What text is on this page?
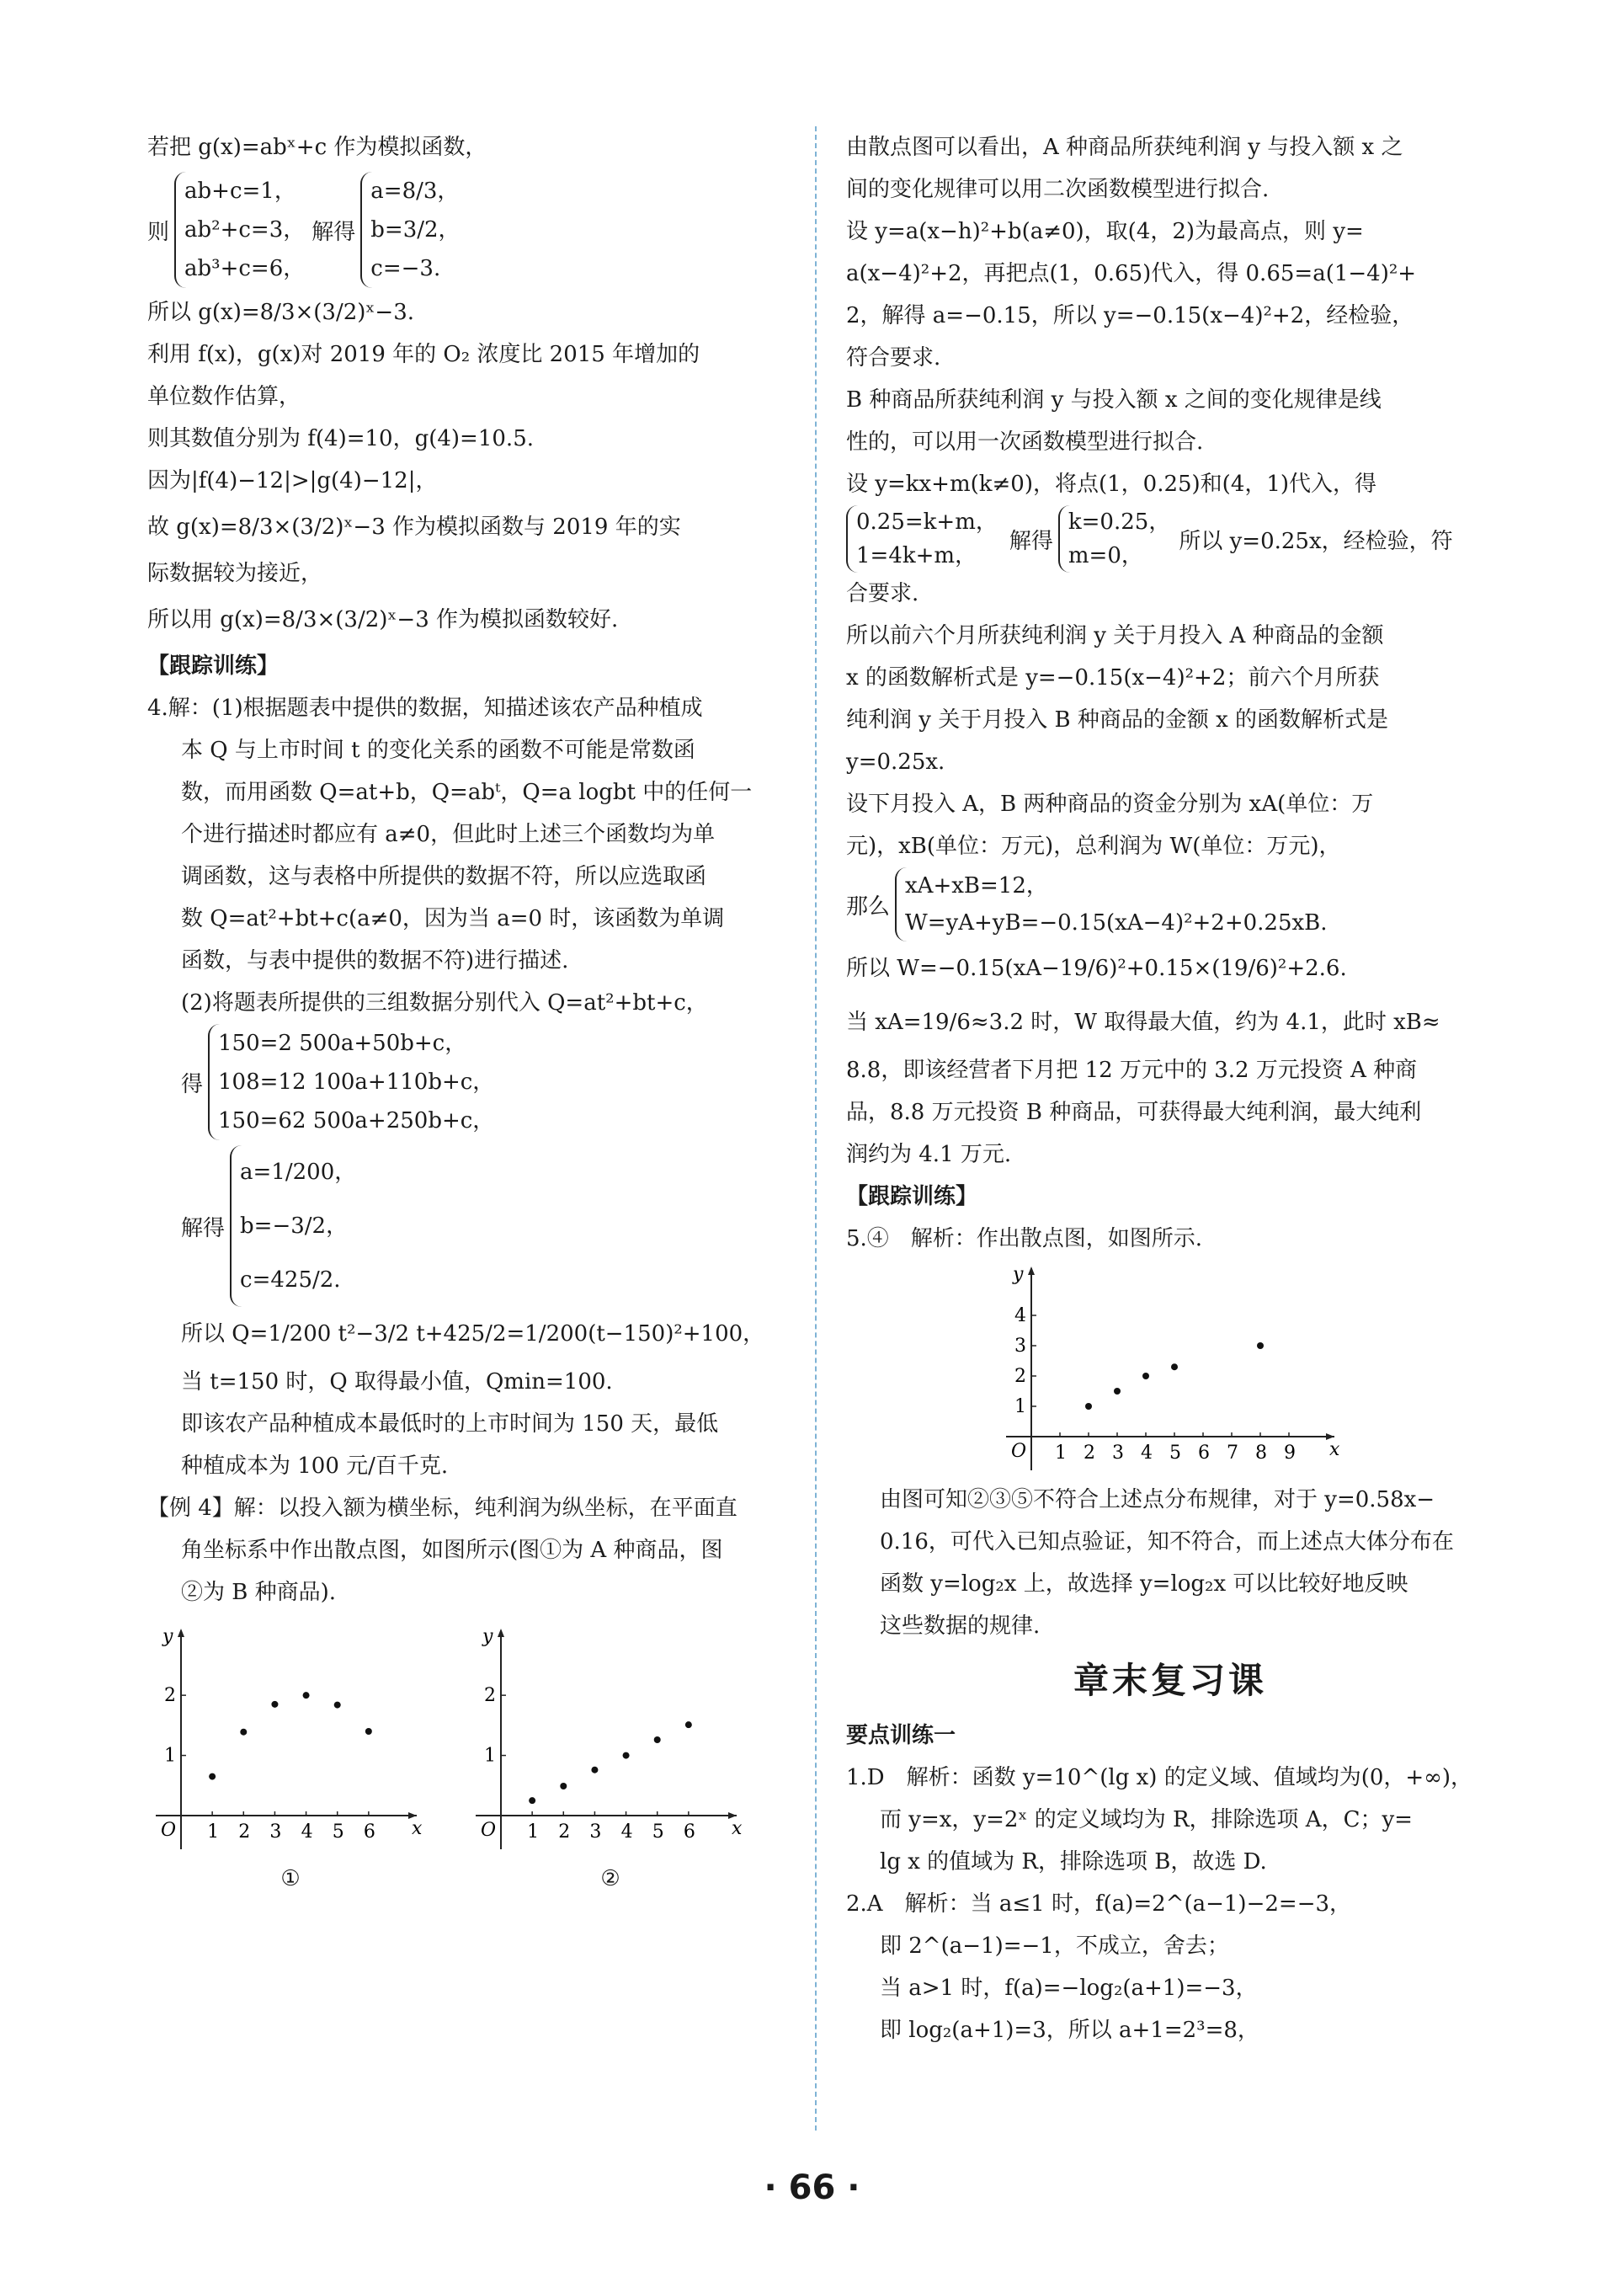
若把 g(x)=abˣ+c 作为模拟函数，
则
ab+c=1，
ab²+c=3，
ab³+c=6，
解得
a=8/3，
b=3/2，
c=−3.
所以 g(x)=8/3×(3/2)ˣ−3.
利用 f(x)，g(x)对 2019 年的 O₂ 浓度比 2015 年增加的
单位数作估算，
则其数值分别为 f(4)=10，g(4)=10.5.
因为|f(4)−12|>|g(4)−12|，
故 g(x)=8/3×(3/2)ˣ−3 作为模拟函数与 2019 年的实
际数据较为接近，
所以用 g(x)=8/3×(3/2)ˣ−3 作为模拟函数较好.
【跟踪训练】
4.解：(1)根据题表中提供的数据，知描述该农产品种植成
本 Q 与上市时间 t 的变化关系的函数不可能是常数函
数，而用函数 Q=at+b，Q=abᵗ，Q=a logbt 中的任何一
个进行描述时都应有 a≠0，但此时上述三个函数均为单
调函数，这与表格中所提供的数据不符，所以应选取函
数 Q=at²+bt+c(a≠0，因为当 a=0 时，该函数为单调
函数，与表中提供的数据不符)进行描述.
(2)将题表所提供的三组数据分别代入 Q=at²+bt+c，
得
150=2 500a+50b+c，
108=12 100a+110b+c，
150=62 500a+250b+c，
解得
a=1/200，
b=−3/2，
c=425/2.
所以 Q=1/200 t²−3/2 t+425/2=1/200(t−150)²+100，
当 t=150 时，Q 取得最小值，Qmin=100.
即该农产品种植成本最低时的上市时间为 150 天，最低
种植成本为 100 元/百千克.
【例 4】解：以投入额为横坐标，纯利润为纵坐标，在平面直
角坐标系中作出散点图，如图所示(图①为 A 种商品，图
②为 B 种商品).
x
y
O 1 2 3 4 5 6
1
2
①
x
y
O 1 2 3 4 5 6
1
2
②
由散点图可以看出，A 种商品所获纯利润 y 与投入额 x 之
间的变化规律可以用二次函数模型进行拟合.
设 y=a(x−h)²+b(a≠0)，取(4，2)为最高点，则 y=
a(x−4)²+2，再把点(1，0.65)代入，得 0.65=a(1−4)²+
2，解得 a=−0.15，所以 y=−0.15(x−4)²+2，经检验，
符合要求.
B 种商品所获纯利润 y 与投入额 x 之间的变化规律是线
性的，可以用一次函数模型进行拟合.
设 y=kx+m(k≠0)，将点(1，0.25)和(4，1)代入，得
0.25=k+m，
1=4k+m，
解得
k=0.25，
m=0，
所以 y=0.25x，经检验，符
合要求.
所以前六个月所获纯利润 y 关于月投入 A 种商品的金额
x 的函数解析式是 y=−0.15(x−4)²+2；前六个月所获
纯利润 y 关于月投入 B 种商品的金额 x 的函数解析式是
y=0.25x.
设下月投入 A，B 两种商品的资金分别为 xA(单位：万
元)，xB(单位：万元)，总利润为 W(单位：万元)，
那么
xA+xB=12，
W=yA+yB=−0.15(xA−4)²+2+0.25xB.
所以 W=−0.15(xA−19/6)²+0.15×(19/6)²+2.6.
当 xA=19/6≈3.2 时，W 取得最大值，约为 4.1，此时 xB≈
8.8，即该经营者下月把 12 万元中的 3.2 万元投资 A 种商
品，8.8 万元投资 B 种商品，可获得最大纯利润，最大纯利
润约为 4.1 万元.
【跟踪训练】
5.④　解析：作出散点图，如图所示.
x
y
O 1 2 3 4 5 6 7 8 9
1
2
3
4
由图可知②③⑤不符合上述点分布规律，对于 y=0.58x−
0.16，可代入已知点验证，知不符合，而上述点大体分布在
函数 y=log₂x 上，故选择 y=log₂x 可以比较好地反映
这些数据的规律.
章末复习课
要点训练一
1.D　解析：函数 y=10^(lg x) 的定义域、值域均为(0，+∞)，
而 y=x，y=2ˣ 的定义域均为 R，排除选项 A，C；y=
lg x 的值域为 R，排除选项 B，故选 D.
2.A　解析：当 a≤1 时，f(a)=2^(a−1)−2=−3，
即 2^(a−1)=−1，不成立，舍去；
当 a>1 时，f(a)=−log₂(a+1)=−3，
即 log₂(a+1)=3，所以 a+1=2³=8，
· 66 ·
